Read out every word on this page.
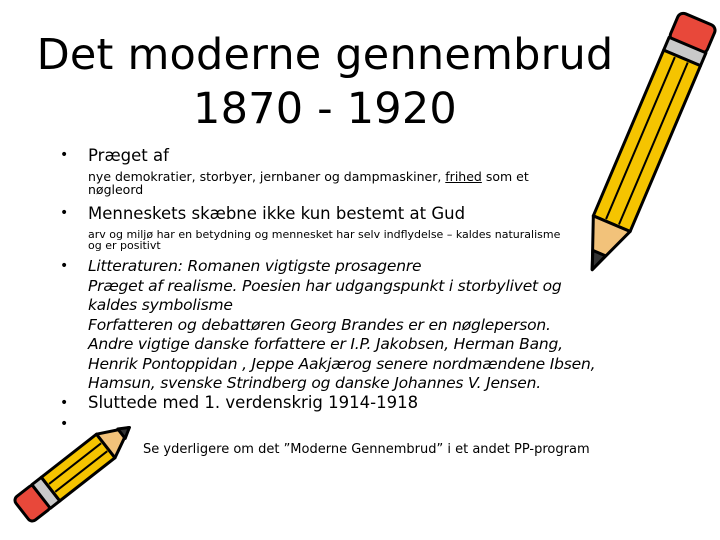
Det moderne gennembrud
1870 - 1920
• Præget af
nye demokratier, storbyer, jernbaner og dampmaskiner, frihed som et
nøgleord
• Menneskets skæbne ikke kun bestemt at Gud
arv og miljø har en betydning og mennesket har selv indflydelse – kaldes naturalisme
og er positivt
• Litteraturen: Romanen vigtigste prosagenre
Præget af realisme. Poesien har udgangspunkt i storbylivet og
kaldes symbolisme
Forfatteren og debattøren Georg Brandes er en nøgleperson.
Andre vigtige danske forfattere er I.P. Jakobsen, Herman Bang,
Henrik Pontoppidan , Jeppe Aakjærog senere nordmændene Ibsen,
Hamsun, svenske Strindberg og danske Johannes V. Jensen.
• Sluttede med 1. verdenskrig 1914-1918
•
Se yderligere om det ”Moderne Gennembrud” i et andet PP-program
